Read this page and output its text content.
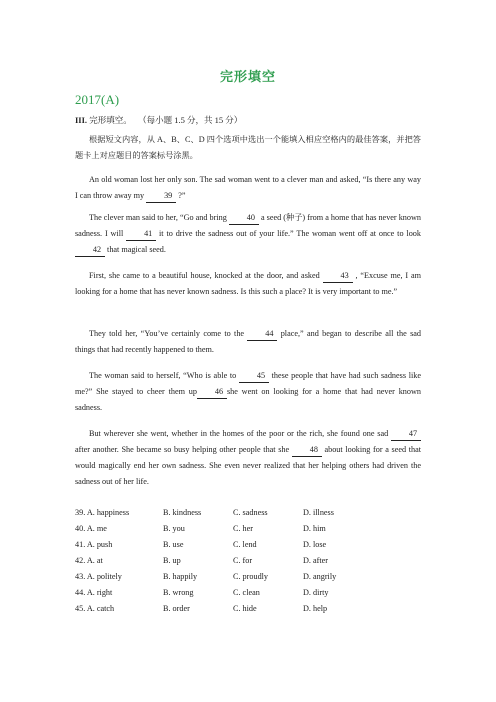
完形填空
2017(A)
III. 完形填空。 （每小题 1.5 分，共 15 分）
根据短文内容，从 A、B、C、D 四个选项中选出一个能填入相应空格内的最佳答案，并把答题卡上对应题目的答案标号涂黑。
An old woman lost her only son. The sad woman went to a clever man and asked, “Is there any way I can throw away my 39 ?”
The clever man said to her, “Go and bring 40 a seed (种子) from a home that has never known sadness. I will 41 it to drive the sadness out of your life.” The woman went off at once to look 42 that magical seed.
First, she came to a beautiful house, knocked at the door, and asked 43 , “Excuse me, I am looking for a home that has never known sadness. Is this such a place? It is very important to me.”
They told her, “You’ve certainly come to the 44 place,” and began to describe all the sad things that had recently happened to them.
The woman said to herself, “Who is able to 45 these people that have had such sadness like me?” She stayed to cheer them up 46 she went on looking for a home that had never known sadness.
But wherever she went, whether in the homes of the poor or the rich, she found one sad 47 after another. She became so busy helping other people that she 48 about looking for a seed that would magically end her own sadness. She even never realized that her helping others had driven the sadness out of her life.
39. A. happiness	B. kindness	C. sadness	D. illness
40. A. me	B. you	C. her	D. him
41. A. push	B. use	C. lend	D. lose
42. A. at	B. up	C. for	D. after
43. A. politely	B. happily	C. proudly	D. angrily
44. A. right	B. wrong	C. clean	D. dirty
45. A. catch	B. order	C. hide	D. help
